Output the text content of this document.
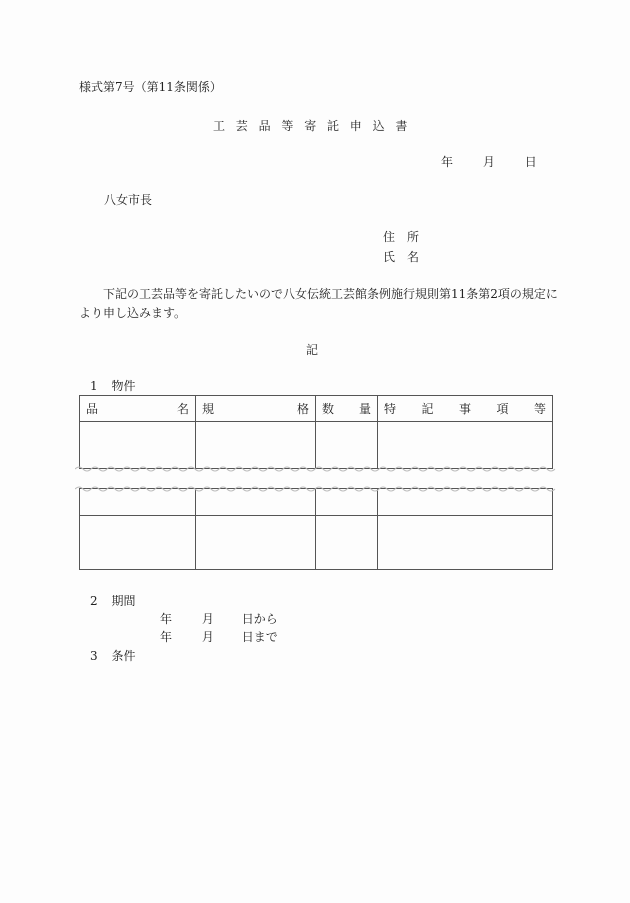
様式第7号（第11条関係）
工芸品等寄託申込書
年 月 日
八女市長
住　所
氏　名
下記の工芸品等を寄託したいので八女伝統工芸館条例施行規則第11条第2項の規定に
より申し込みます。
記
1 物件
品 名	規 格	数 量	特 記 事 項 等

2 期間
年 月 日から
年 月 日まで
3 条件
